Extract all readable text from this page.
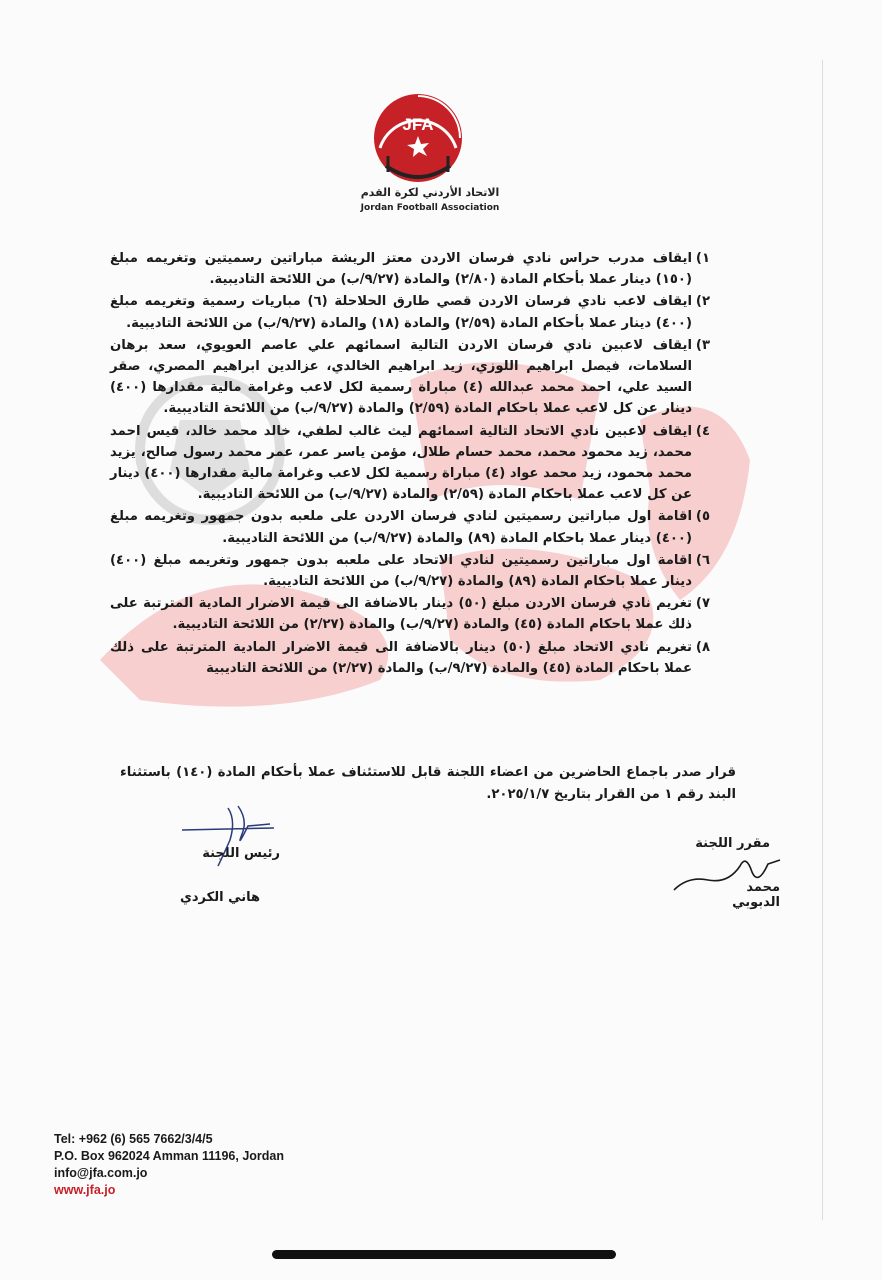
JFA
الاتحاد الأردني لكرة القدم
Jordan Football Association
١)
ايقاف مدرب حراس نادي فرسان الاردن معتز الريشة مباراتين رسميتين وتغريمه مبلغ (١٥٠) دينار عملا بأحكام المادة (٢/٨٠) والمادة (٩/٢٧/ب) من اللائحة التاديبية.
٢)
ايقاف لاعب نادي فرسان الاردن قصي طارق الحلاحلة (٦) مباريات رسمية وتغريمه مبلغ (٤٠٠) دينار عملا بأحكام المادة (٢/٥٩) والمادة (١٨) والمادة (٩/٢٧/ب) من اللائحة التاديبية.
٣)
ايقاف لاعبين نادي فرسان الاردن التالية اسمائهم علي عاصم العويوي، سعد برهان السلامات، فيصل ابراهيم اللوزي، زيد ابراهيم الخالدي، عزالدين ابراهيم المصري، صقر السيد علي، احمد محمد عبدالله (٤) مباراة رسمية لكل لاعب وغرامة مالية مقدارها (٤٠٠) دينار عن كل لاعب عملا باحكام المادة (٢/٥٩) والمادة (٩/٢٧/ب) من اللائحة التاديبية.
٤)
ايقاف لاعبين نادي الاتحاد التالية اسمائهم ليث غالب لطفي، خالد محمد خالد، قيس احمد محمد، زيد محمود محمد، محمد حسام طلال، مؤمن ياسر عمر، عمر محمد رسول صالح، يزيد محمد محمود، زيد محمد عواد (٤) مباراة رسمية لكل لاعب وغرامة مالية مقدارها (٤٠٠) دينار عن كل لاعب عملا باحكام المادة (٢/٥٩) والمادة (٩/٢٧/ب) من اللائحة التاديبية.
٥)
اقامة اول مباراتين رسميتين لنادي فرسان الاردن على ملعبه بدون جمهور وتغريمه مبلغ (٤٠٠) دينار عملا باحكام المادة (٨٩) والمادة (٩/٢٧/ب) من اللائحة التاديبية.
٦)
اقامة اول مباراتين رسميتين لنادي الاتحاد على ملعبه بدون جمهور وتغريمه مبلغ (٤٠٠) دينار عملا باحكام المادة (٨٩) والمادة (٩/٢٧/ب) من اللائحة التاديبية.
٧)
تغريم نادي فرسان الاردن مبلغ (٥٠) دينار بالاضافة الى قيمة الاضرار المادية المترتبة على ذلك عملا باحكام المادة (٤٥) والمادة (٩/٢٧/ب) والمادة (٢/٢٧) من اللائحة التاديبية.
٨)
تغريم نادي الاتحاد مبلغ (٥٠) دينار بالاضافة الى قيمة الاضرار المادية المترتبة على ذلك عملا باحكام المادة (٤٥) والمادة (٩/٢٧/ب) والمادة (٢/٢٧) من اللائحة التاديبية
قرار صدر باجماع الحاضرين من اعضاء اللجنة قابل للاستئناف عملا بأحكام المادة (١٤٠) باستثناء البند رقم ١ من القرار بتاريخ ٢٠٢٥/١/٧.
رئيس اللجنة
هاني الكردي
مقرر اللجنة
محمد الدبوبي
Tel: +962 (6) 565 7662/3/4/5
P.O. Box 962024 Amman 11196, Jordan
info@jfa.com.jo
www.jfa.jo
